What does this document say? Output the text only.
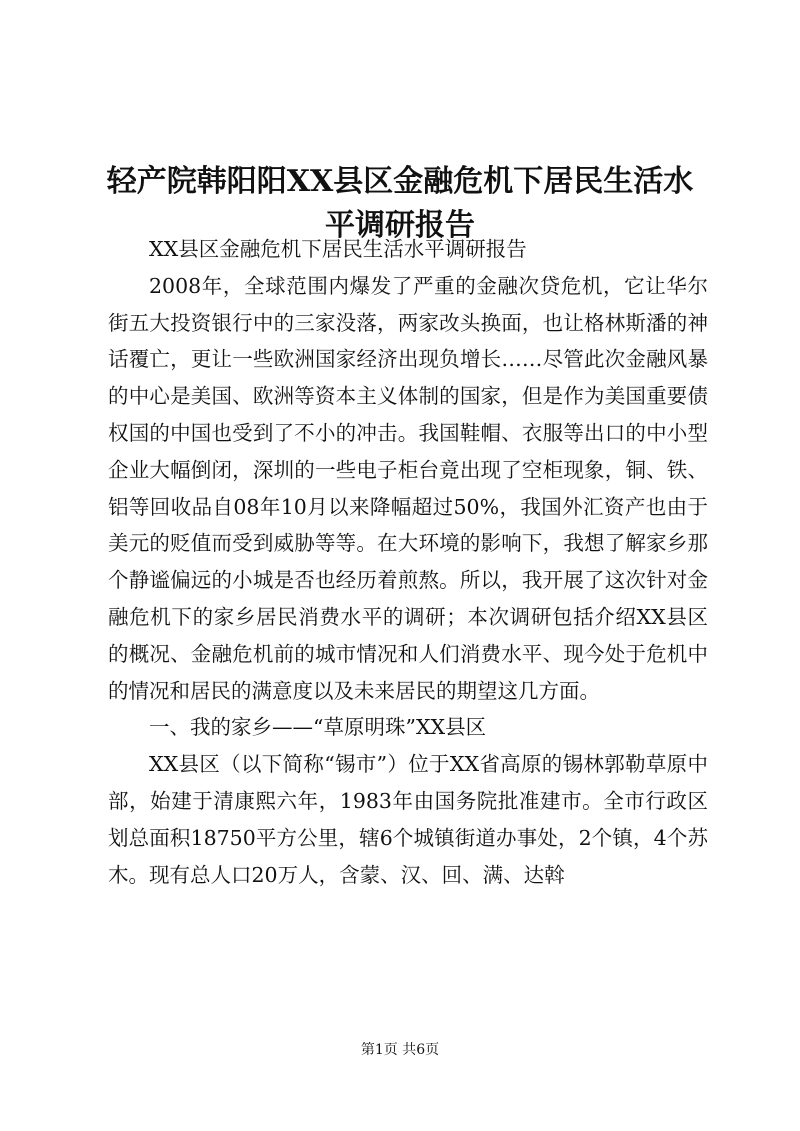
轻产院韩阳阳XX县区金融危机下居民生活水平调研报告

XX县区金融危机下居民生活水平调研报告

2008年，全球范围内爆发了严重的金融次贷危机，它让华尔街五大投资银行中的三家没落，两家改头换面，也让格林斯潘的神话覆亡，更让一些欧洲国家经济出现负增长……尽管此次金融风暴的中心是美国、欧洲等资本主义体制的国家，但是作为美国重要债权国的中国也受到了不小的冲击。我国鞋帽、衣服等出口的中小型企业大幅倒闭，深圳的一些电子柜台竟出现了空柜现象，铜、铁、铝等回收品自08年10月以来降幅超过50%，我国外汇资产也由于美元的贬值而受到威胁等等。在大环境的影响下，我想了解家乡那个静谧偏远的小城是否也经历着煎熬。所以，我开展了这次针对金融危机下的家乡居民消费水平的调研；本次调研包括介绍XX县区的概况、金融危机前的城市情况和人们消费水平、现今处于危机中的情况和居民的满意度以及未来居民的期望这几方面。

一、我的家乡——“草原明珠”XX县区

XX县区（以下简称“锡市”）位于XX省高原的锡林郭勒草原中部，始建于清康熙六年，1983年由国务院批准建市。全市行政区划总面积18750平方公里，辖6个城镇街道办事处，2个镇，4个苏木。现有总人口20万人，含蒙、汉、回、满、达斡

第1页 共6页
